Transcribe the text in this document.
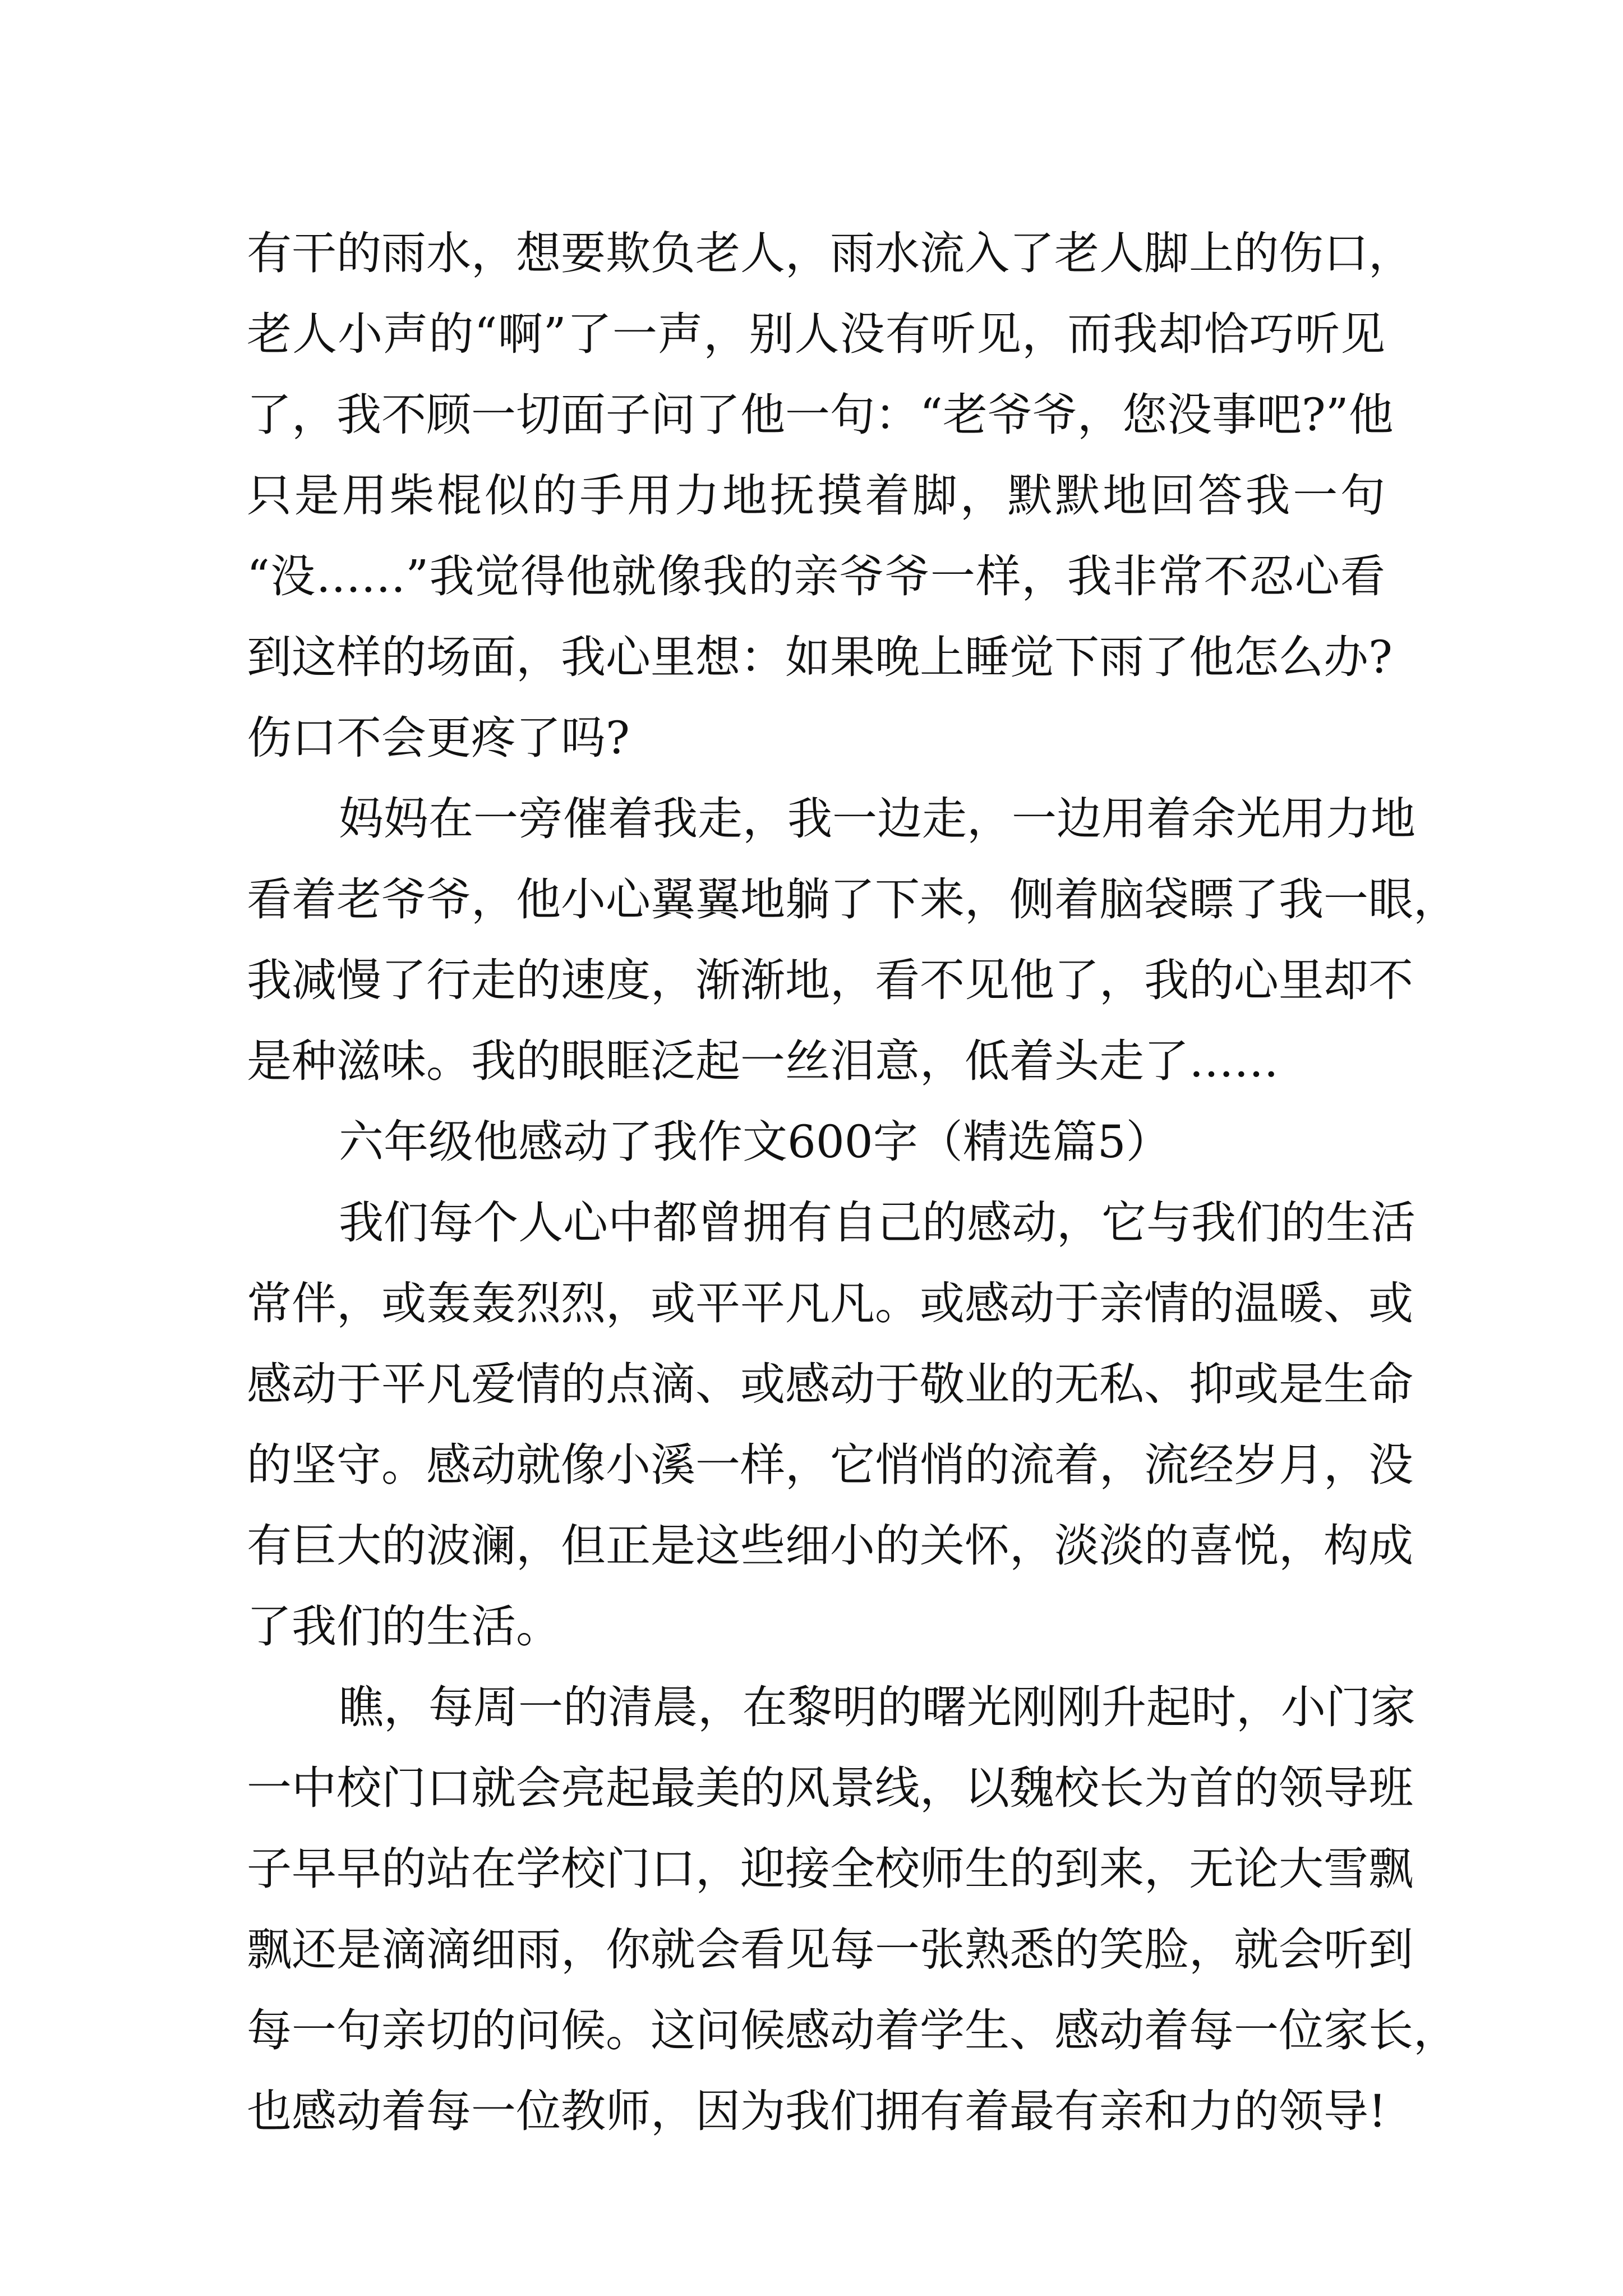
有干的雨水，想要欺负老人，雨水流入了老人脚上的伤口，
老人小声的“啊”了一声，别人没有听见，而我却恰巧听见
了，我不顾一切面子问了他一句：“老爷爷，您没事吧?”他
只是用柴棍似的手用力地抚摸着脚，默默地回答我一句
“没……”我觉得他就像我的亲爷爷一样，我非常不忍心看
到这样的场面，我心里想：如果晚上睡觉下雨了他怎么办?
伤口不会更疼了吗?
妈妈在一旁催着我走，我一边走，一边用着余光用力地
看着老爷爷，他小心翼翼地躺了下来，侧着脑袋瞟了我一眼，
我减慢了行走的速度，渐渐地，看不见他了，我的心里却不
是种滋味。我的眼眶泛起一丝泪意，低着头走了……
六年级他感动了我作文600字（精选篇5）
我们每个人心中都曾拥有自己的感动，它与我们的生活
常伴，或轰轰烈烈，或平平凡凡。或感动于亲情的温暖、或
感动于平凡爱情的点滴、或感动于敬业的无私、抑或是生命
的坚守。感动就像小溪一样，它悄悄的流着，流经岁月，没
有巨大的波澜，但正是这些细小的关怀，淡淡的喜悦，构成
了我们的生活。
瞧，每周一的清晨，在黎明的曙光刚刚升起时，小门家
一中校门口就会亮起最美的风景线，以魏校长为首的领导班
子早早的站在学校门口，迎接全校师生的到来，无论大雪飘
飘还是滴滴细雨，你就会看见每一张熟悉的笑脸，就会听到
每一句亲切的问候。这问候感动着学生、感动着每一位家长，
也感动着每一位教师，因为我们拥有着最有亲和力的领导!
